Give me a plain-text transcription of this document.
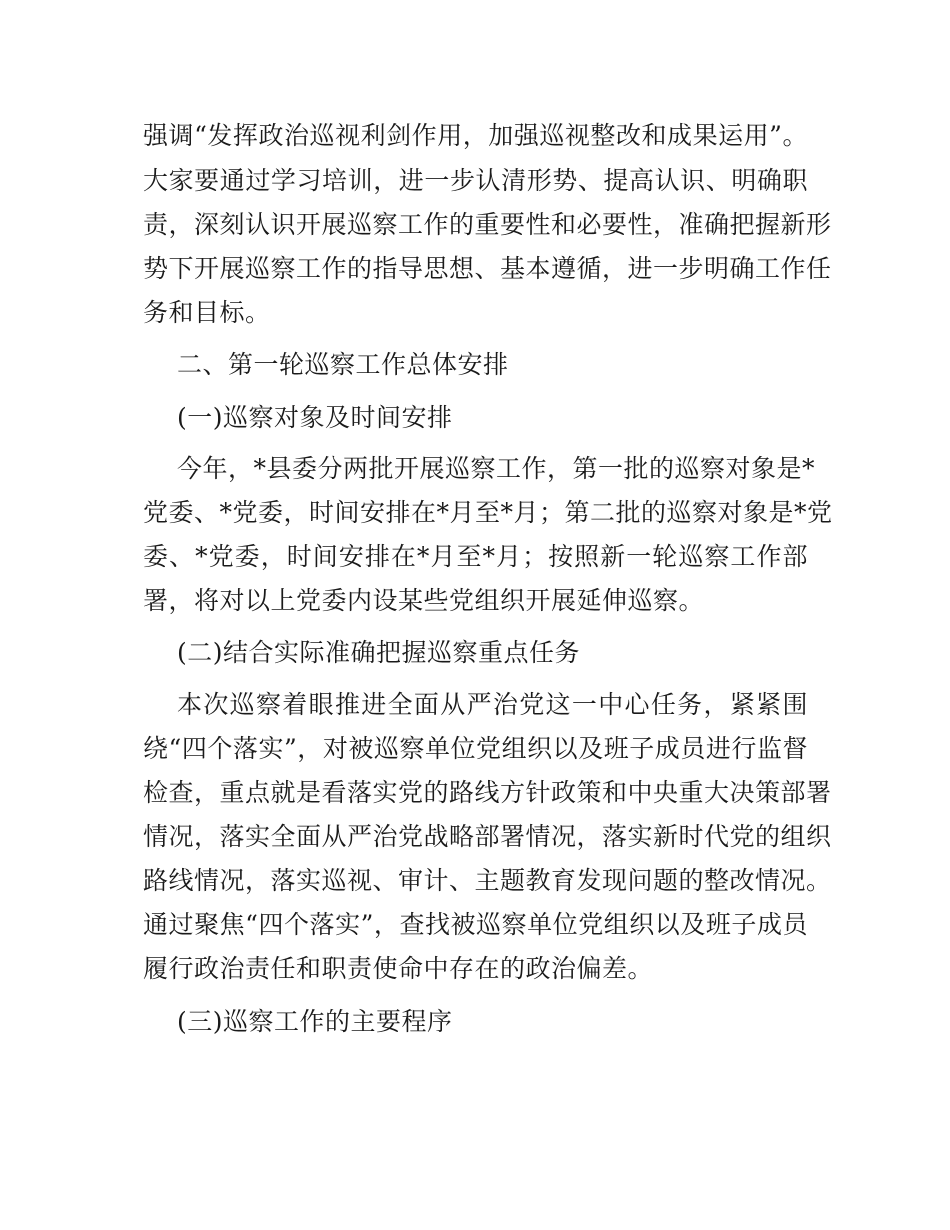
强调“发挥政治巡视利剑作用，加强巡视整改和成果运用”。
大家要通过学习培训，进一步认清形势、提高认识、明确职
责，深刻认识开展巡察工作的重要性和必要性，准确把握新形
势下开展巡察工作的指导思想、基本遵循，进一步明确工作任
务和目标。
二、第一轮巡察工作总体安排
(一)巡察对象及时间安排
今年，*县委分两批开展巡察工作，第一批的巡察对象是*
党委、*党委，时间安排在*月至*月；第二批的巡察对象是*党
委、*党委，时间安排在*月至*月；按照新一轮巡察工作部
署，将对以上党委内设某些党组织开展延伸巡察。
(二)结合实际准确把握巡察重点任务
本次巡察着眼推进全面从严治党这一中心任务，紧紧围
绕“四个落实”，对被巡察单位党组织以及班子成员进行监督
检查，重点就是看落实党的路线方针政策和中央重大决策部署
情况，落实全面从严治党战略部署情况，落实新时代党的组织
路线情况，落实巡视、审计、主题教育发现问题的整改情况。
通过聚焦“四个落实”，查找被巡察单位党组织以及班子成员
履行政治责任和职责使命中存在的政治偏差。
(三)巡察工作的主要程序
